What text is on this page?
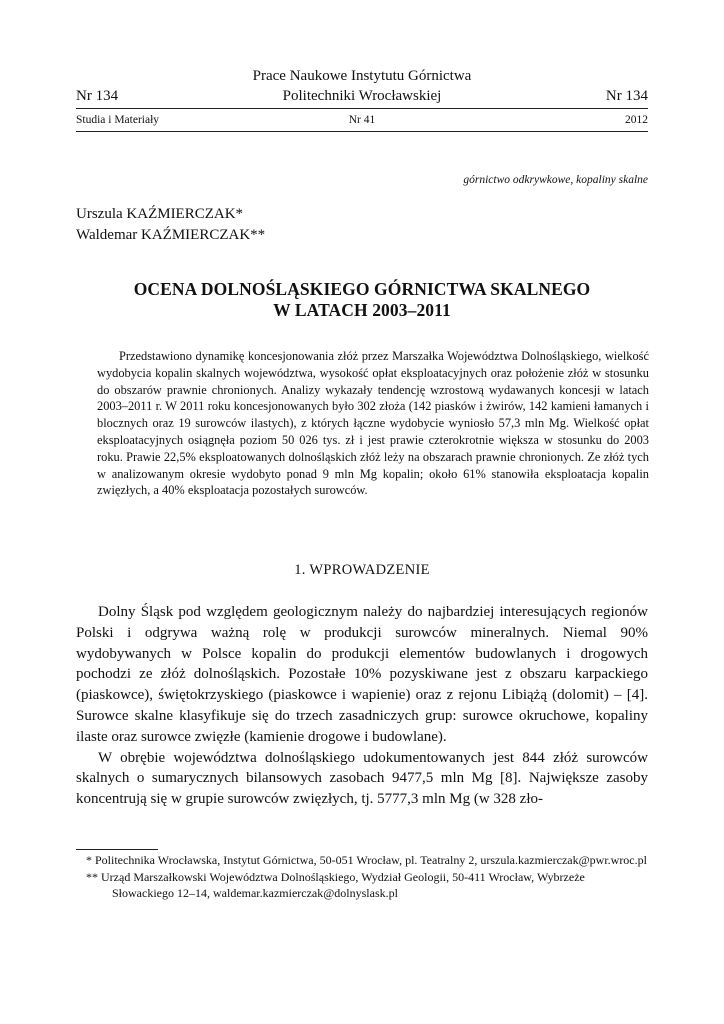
Prace Naukowe Instytutu Górnictwa
Nr 134	Politechniki Wrocławskiej	Nr 134
Studia i Materiały	Nr 41	2012
górnictwo odkrywkowe, kopaliny skalne
Urszula KAŹMIERCZAK*
Waldemar KAŹMIERCZAK**
OCENA DOLNOŚLĄSKIEGO GÓRNICTWA SKALNEGO
W LATACH 2003–2011
Przedstawiono dynamikę koncesjonowania złóż przez Marszałka Województwa Dolnośląskiego, wielkość wydobycia kopalin skalnych województwa, wysokość opłat eksploatacyjnych oraz położenie złóż w stosunku do obszarów prawnie chronionych. Analizy wykazały tendencję wzrostową wydawanych koncesji w latach 2003–2011 r. W 2011 roku koncesjonowanych było 302 złoża (142 piasków i żwirów, 142 kamieni łamanych i blocznych oraz 19 surowców ilastych), z których łączne wydobycie wyniosło 57,3 mln Mg. Wielkość opłat eksploatacyjnych osiągnęła poziom 50 026 tys. zł i jest prawie czterokrotnie większa w stosunku do 2003 roku. Prawie 22,5% eksploatowanych dolnośląskich złóż leży na obszarach prawnie chronionych. Ze złóż tych w analizowanym okresie wydobyto ponad 9 mln Mg kopalin; około 61% stanowiła eksploatacja kopalin zwięzłych, a 40% eksploatacja pozostałych surowców.
1. WPROWADZENIE

Dolny Śląsk pod względem geologicznym należy do najbardziej interesujących regionów Polski i odgrywa ważną rolę w produkcji surowców mineralnych. Niemal 90% wydobywanych w Polsce kopalin do produkcji elementów budowlanych i drogowych pochodzi ze złóż dolnośląskich. Pozostałe 10% pozyskiwane jest z obszaru karpackiego (piaskowce), świętokrzyskiego (piaskowce i wapienie) oraz z rejonu Libiążą (dolomit) – [4]. Surowce skalne klasyfikuje się do trzech zasadniczych grup: surowce okruchowe, kopaliny ilaste oraz surowce zwięzłe (kamienie drogowe i budowlane).

W obrębie województwa dolnośląskiego udokumentowanych jest 844 złóż surowców skalnych o sumarycznych bilansowych zasobach 9477,5 mln Mg [8]. Największe zasoby koncentrują się w grupie surowców zwięzłych, tj. 5777,3 mln Mg (w 328 zło-

* Politechnika Wrocławska, Instytut Górnictwa, 50-051 Wrocław, pl. Teatralny 2, urszula.kazmierczak@pwr.wroc.pl
** Urząd Marszałkowski Województwa Dolnośląskiego, Wydział Geologii, 50-411 Wrocław, Wybrzeże Słowackiego 12–14, waldemar.kazmierczak@dolnyslask.pl
